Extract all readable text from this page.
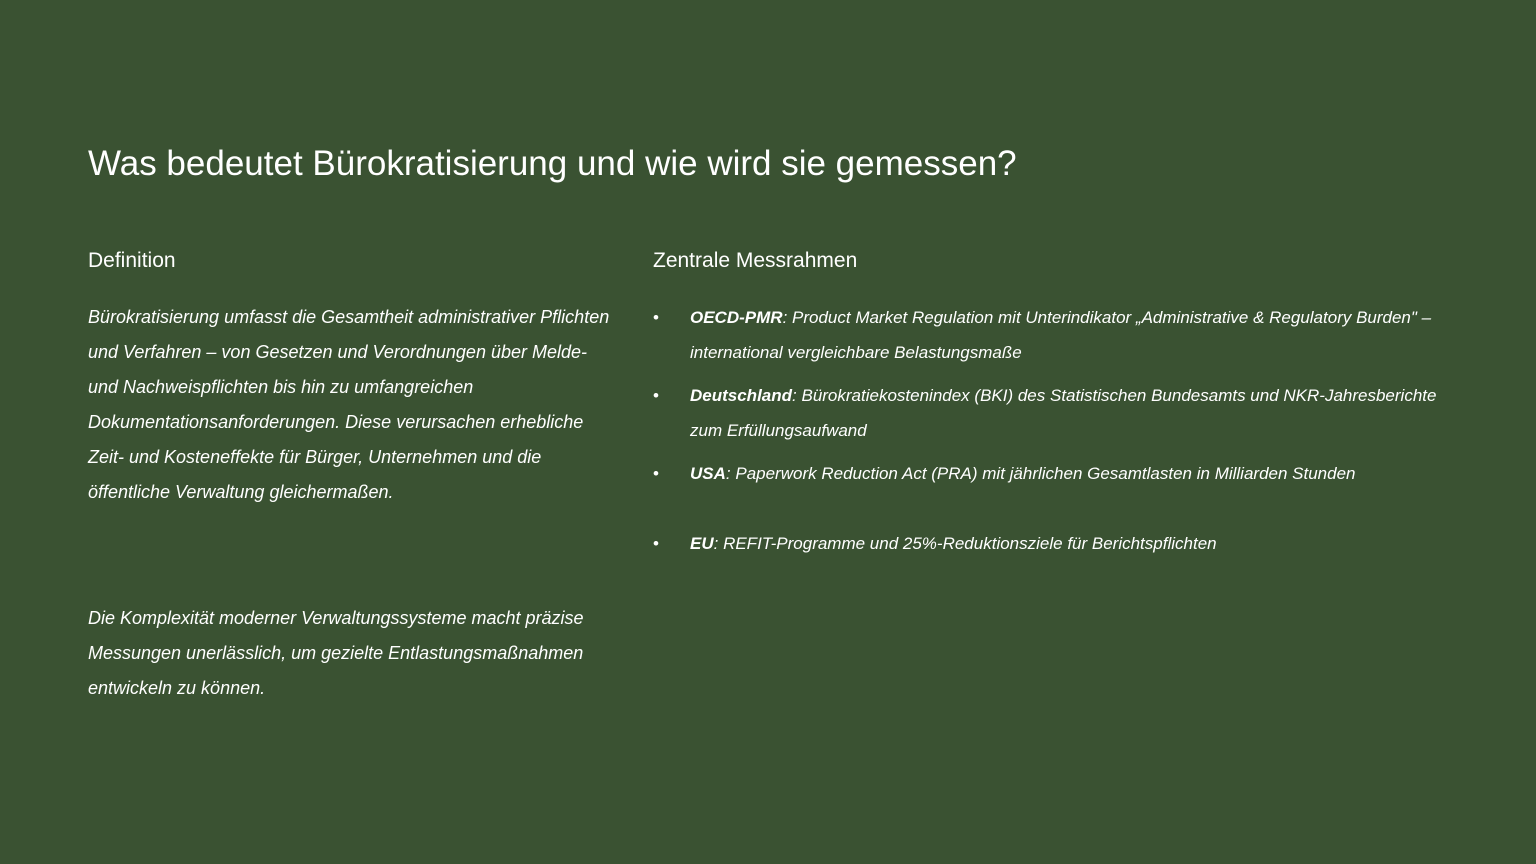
Was bedeutet Bürokratisierung und wie wird sie gemessen?
Definition

Bürokratisierung umfasst die Gesamtheit administrativer Pflichten und Verfahren – von Gesetzen und Verordnungen über Melde- und Nachweispflichten bis hin zu umfangreichen Dokumentationsanforderungen. Diese verursachen erhebliche Zeit- und Kosteneffekte für Bürger, Unternehmen und die öffentliche Verwaltung gleichermaßen.

Die Komplexität moderner Verwaltungssysteme macht präzise Messungen unerlässlich, um gezielte Entlastungsmaßnahmen entwickeln zu können.

Zentrale Messrahmen
• OECD-PMR: Product Market Regulation mit Unterindikator „Administrative & Regulatory Burden" – international vergleichbare Belastungsmaße
• Deutschland: Bürokratiekostenindex (BKI) des Statistischen Bundesamts und NKR-Jahresberichte zum Erfüllungsaufwand
• USA: Paperwork Reduction Act (PRA) mit jährlichen Gesamtlasten in Milliarden Stunden
• EU: REFIT-Programme und 25%-Reduktionsziele für Berichtspflichten
